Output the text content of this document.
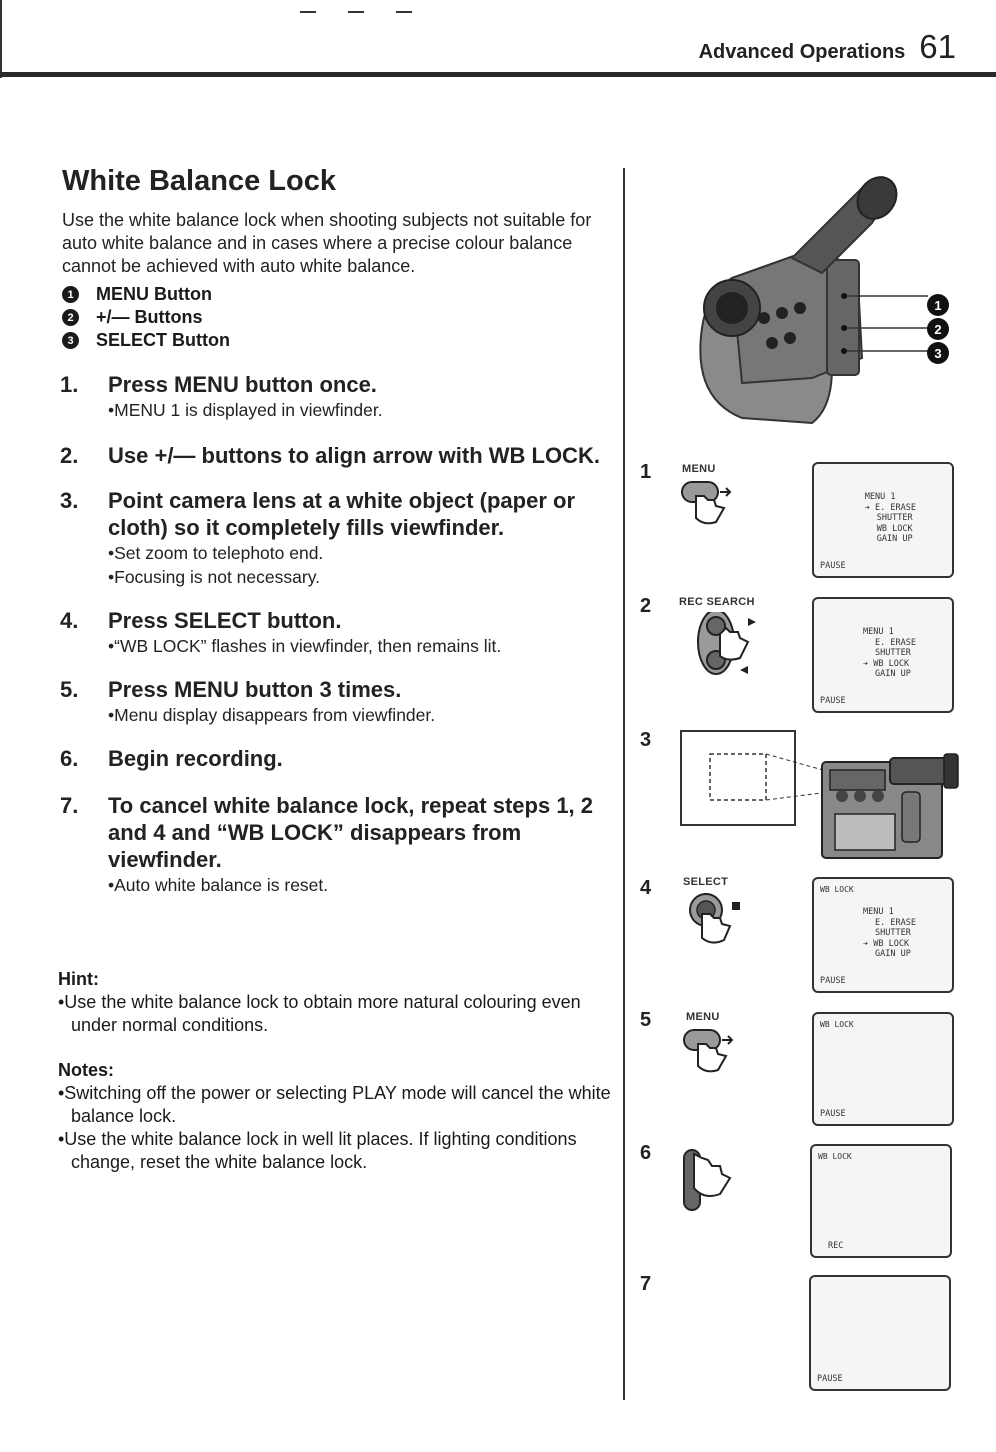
Advanced Operations 61
White Balance Lock

Use the white balance lock when shooting subjects not suitable for auto white balance and in cases where a precise colour balance cannot be achieved with auto white balance.

1	MENU Button
2	+/— Buttons
3	SELECT Button
1.	Press MENU button once.
•MENU 1 is displayed in viewfinder.
2.	Use +/— buttons to align arrow with WB LOCK.
3.	Point camera lens at a white object (paper or cloth) so it completely fills viewfinder.
•Set zoom to telephoto end.
•Focusing is not necessary.
4.	Press SELECT button.
•“WB LOCK” flashes in viewfinder, then remains lit.
5.	Press MENU button 3 times.
•Menu display disappears from viewfinder.
6.	Begin recording.
7.	To cancel white balance lock, repeat steps 1, 2 and 4 and “WB LOCK” disappears from viewfinder.
•Auto white balance is reset.
Hint:
•Use the white balance lock to obtain more natural colouring even under normal conditions.
Notes:
•Switching off the power or selecting PLAY mode will cancel the white balance lock.
•Use the white balance lock in well lit places. If lighting conditions change, reset the white balance lock.
1
2
3
1
2
3
4
5
6
7
MENU
MENU 1
➔ E. ERASE
SHUTTER
WB LOCK
GAIN UP
PAUSE
REC SEARCH
MENU 1
E. ERASE
SHUTTER
➔ WB LOCK
GAIN UP
PAUSE
SELECT
WB LOCK
MENU 1
E. ERASE
SHUTTER
➔ WB LOCK
GAIN UP
PAUSE
MENU
WB LOCK
PAUSE
WB LOCK
REC
PAUSE
